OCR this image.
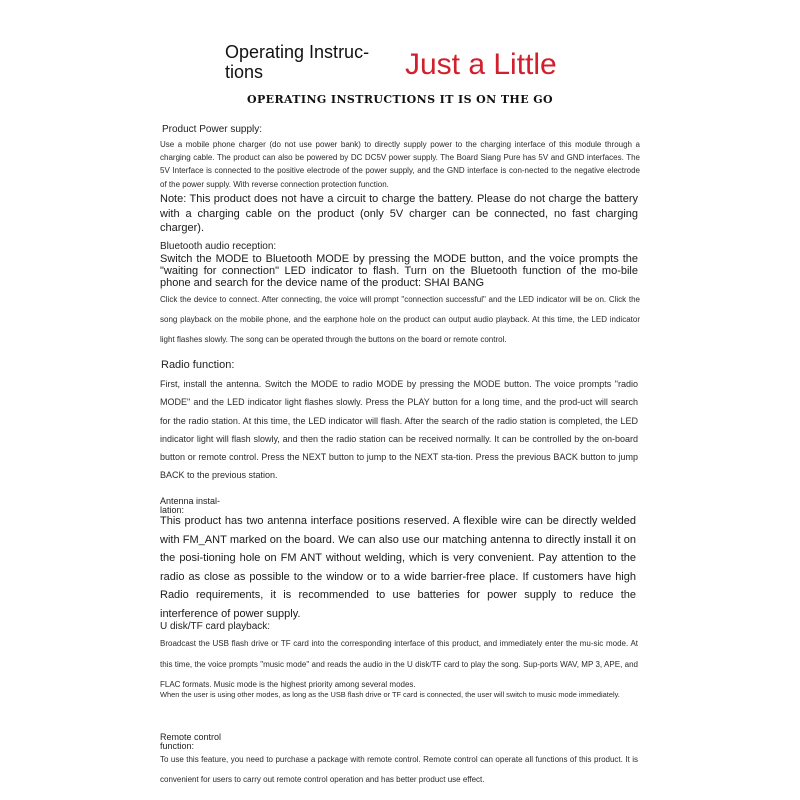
Operating Instruc- tions	Just a Little
OPERATING INSTRUCTIONS IT IS ON THE GO
Product Power supply:
Use a mobile phone charger (do not use power bank) to directly supply power to the charging interface of this module through a charging cable. The product can also be powered by DC DC5V power supply. The Board Siang Pure has 5V and GND interfaces. The 5V Interface is connected to the positive electrode of the power supply, and the GND interface is con-nected to the negative electrode of the power supply. With reverse connection protection function.
Note: This product does not have a circuit to charge the battery. Please do not charge the battery with a charging cable on the product (only 5V charger can be connected, no fast charging charger).
Bluetooth audio reception:
Switch the MODE to Bluetooth MODE by pressing the MODE button, and the voice prompts the "waiting for connection" LED indicator to flash. Turn on the Bluetooth function of the mo-bile phone and search for the device name of the product: SHAI BANG
Click the device to connect. After connecting, the voice will prompt "connection successful" and the LED indicator will be on. Click the song playback on the mobile phone, and the earphone hole on the product can output audio playback. At this time, the LED indicator light flashes slowly. The song can be operated through the buttons on the board or remote control.
Radio function:
First, install the antenna. Switch the MODE to radio MODE by pressing the MODE button. The voice prompts "radio MODE" and the LED indicator light flashes slowly. Press the PLAY button for a long time, and the prod-uct will search for the radio station. At this time, the LED indicator will flash. After the search of the radio station is completed, the LED indicator light will flash slowly, and then the radio station can be received normally. It can be controlled by the on-board button or remote control. Press the NEXT button to jump to the NEXT sta-tion. Press the previous BACK button to jump BACK to the previous station.
Antenna instal- lation:
This product has two antenna interface positions reserved. A flexible wire can be directly welded with FM_ANT marked on the board. We can also use our matching antenna to directly install it on the posi-tioning hole on FM ANT without welding, which is very convenient. Pay attention to the radio as close as possible to the window or to a wide barrier-free place. If customers have high Radio requirements, it is recommended to use batteries for power supply to reduce the interference of power supply.
U disk/TF card playback:
Broadcast the USB flash drive or TF card into the corresponding interface of this product, and immediately enter the mu-sic mode. At this time, the voice prompts "music mode" and reads the audio in the U disk/TF card to play the song. Sup-ports WAV, MP 3, APE, and FLAC formats. Music mode is the highest priority among several modes.
When the user is using other modes, as long as the USB flash drive or TF card is connected, the user will switch to music mode immediately.
Remote control function:
To use this feature, you need to purchase a package with remote control. Remote control can operate all functions of this product. It is convenient for users to carry out remote control operation and has better product use effect.
